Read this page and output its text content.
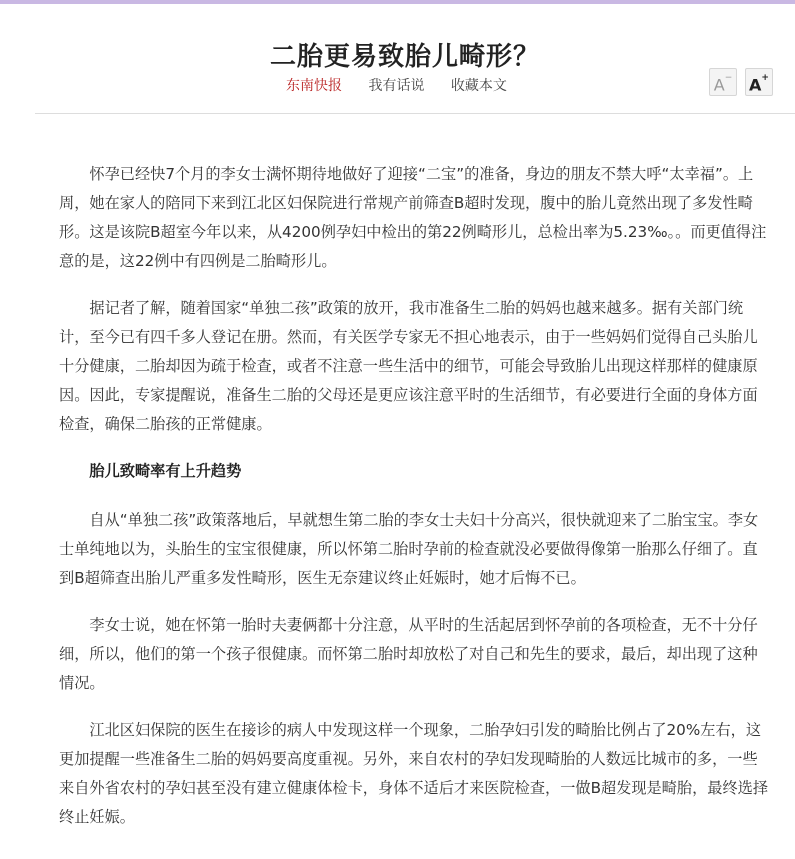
二胎更易致胎儿畸形？
东南快报 我有话说 收藏本文	A− A+

怀孕已经快7个月的李女士满怀期待地做好了迎接“二宝”的准备，身边的朋友不禁大呼“太幸福”。上周，她在家人的陪同下来到江北区妇保院进行常规产前筛查B超时发现，腹中的胎儿竟然出现了多发性畸形。这是该院B超室今年以来，从4200例孕妇中检出的第22例畸形儿，总检出率为5.23‰。。而更值得注意的是，这22例中有四例是二胎畸形儿。

据记者了解，随着国家“单独二孩”政策的放开，我市准备生二胎的妈妈也越来越多。据有关部门统计，至今已有四千多人登记在册。然而，有关医学专家无不担心地表示，由于一些妈妈们觉得自己头胎儿十分健康，二胎却因为疏于检查，或者不注意一些生活中的细节，可能会导致胎儿出现这样那样的健康原因。因此，专家提醒说，准备生二胎的父母还是更应该注意平时的生活细节，有必要进行全面的身体方面检查，确保二胎孩的正常健康。

胎儿致畸率有上升趋势

自从“单独二孩”政策落地后，早就想生第二胎的李女士夫妇十分高兴，很快就迎来了二胎宝宝。李女士单纯地以为，头胎生的宝宝很健康，所以怀第二胎时孕前的检查就没必要做得像第一胎那么仔细了。直到B超筛查出胎儿严重多发性畸形，医生无奈建议终止妊娠时，她才后悔不已。

李女士说，她在怀第一胎时夫妻俩都十分注意，从平时的生活起居到怀孕前的各项检查，无不十分仔细，所以，他们的第一个孩子很健康。而怀第二胎时却放松了对自己和先生的要求，最后，却出现了这种情况。

江北区妇保院的医生在接诊的病人中发现这样一个现象，二胎孕妇引发的畸胎比例占了20%左右，这更加提醒一些准备生二胎的妈妈要高度重视。另外，来自农村的孕妇发现畸胎的人数远比城市的多，一些来自外省农村的孕妇甚至没有建立健康体检卡，身体不适后才来医院检查，一做B超发现是畸胎，最终选择终止妊娠。
